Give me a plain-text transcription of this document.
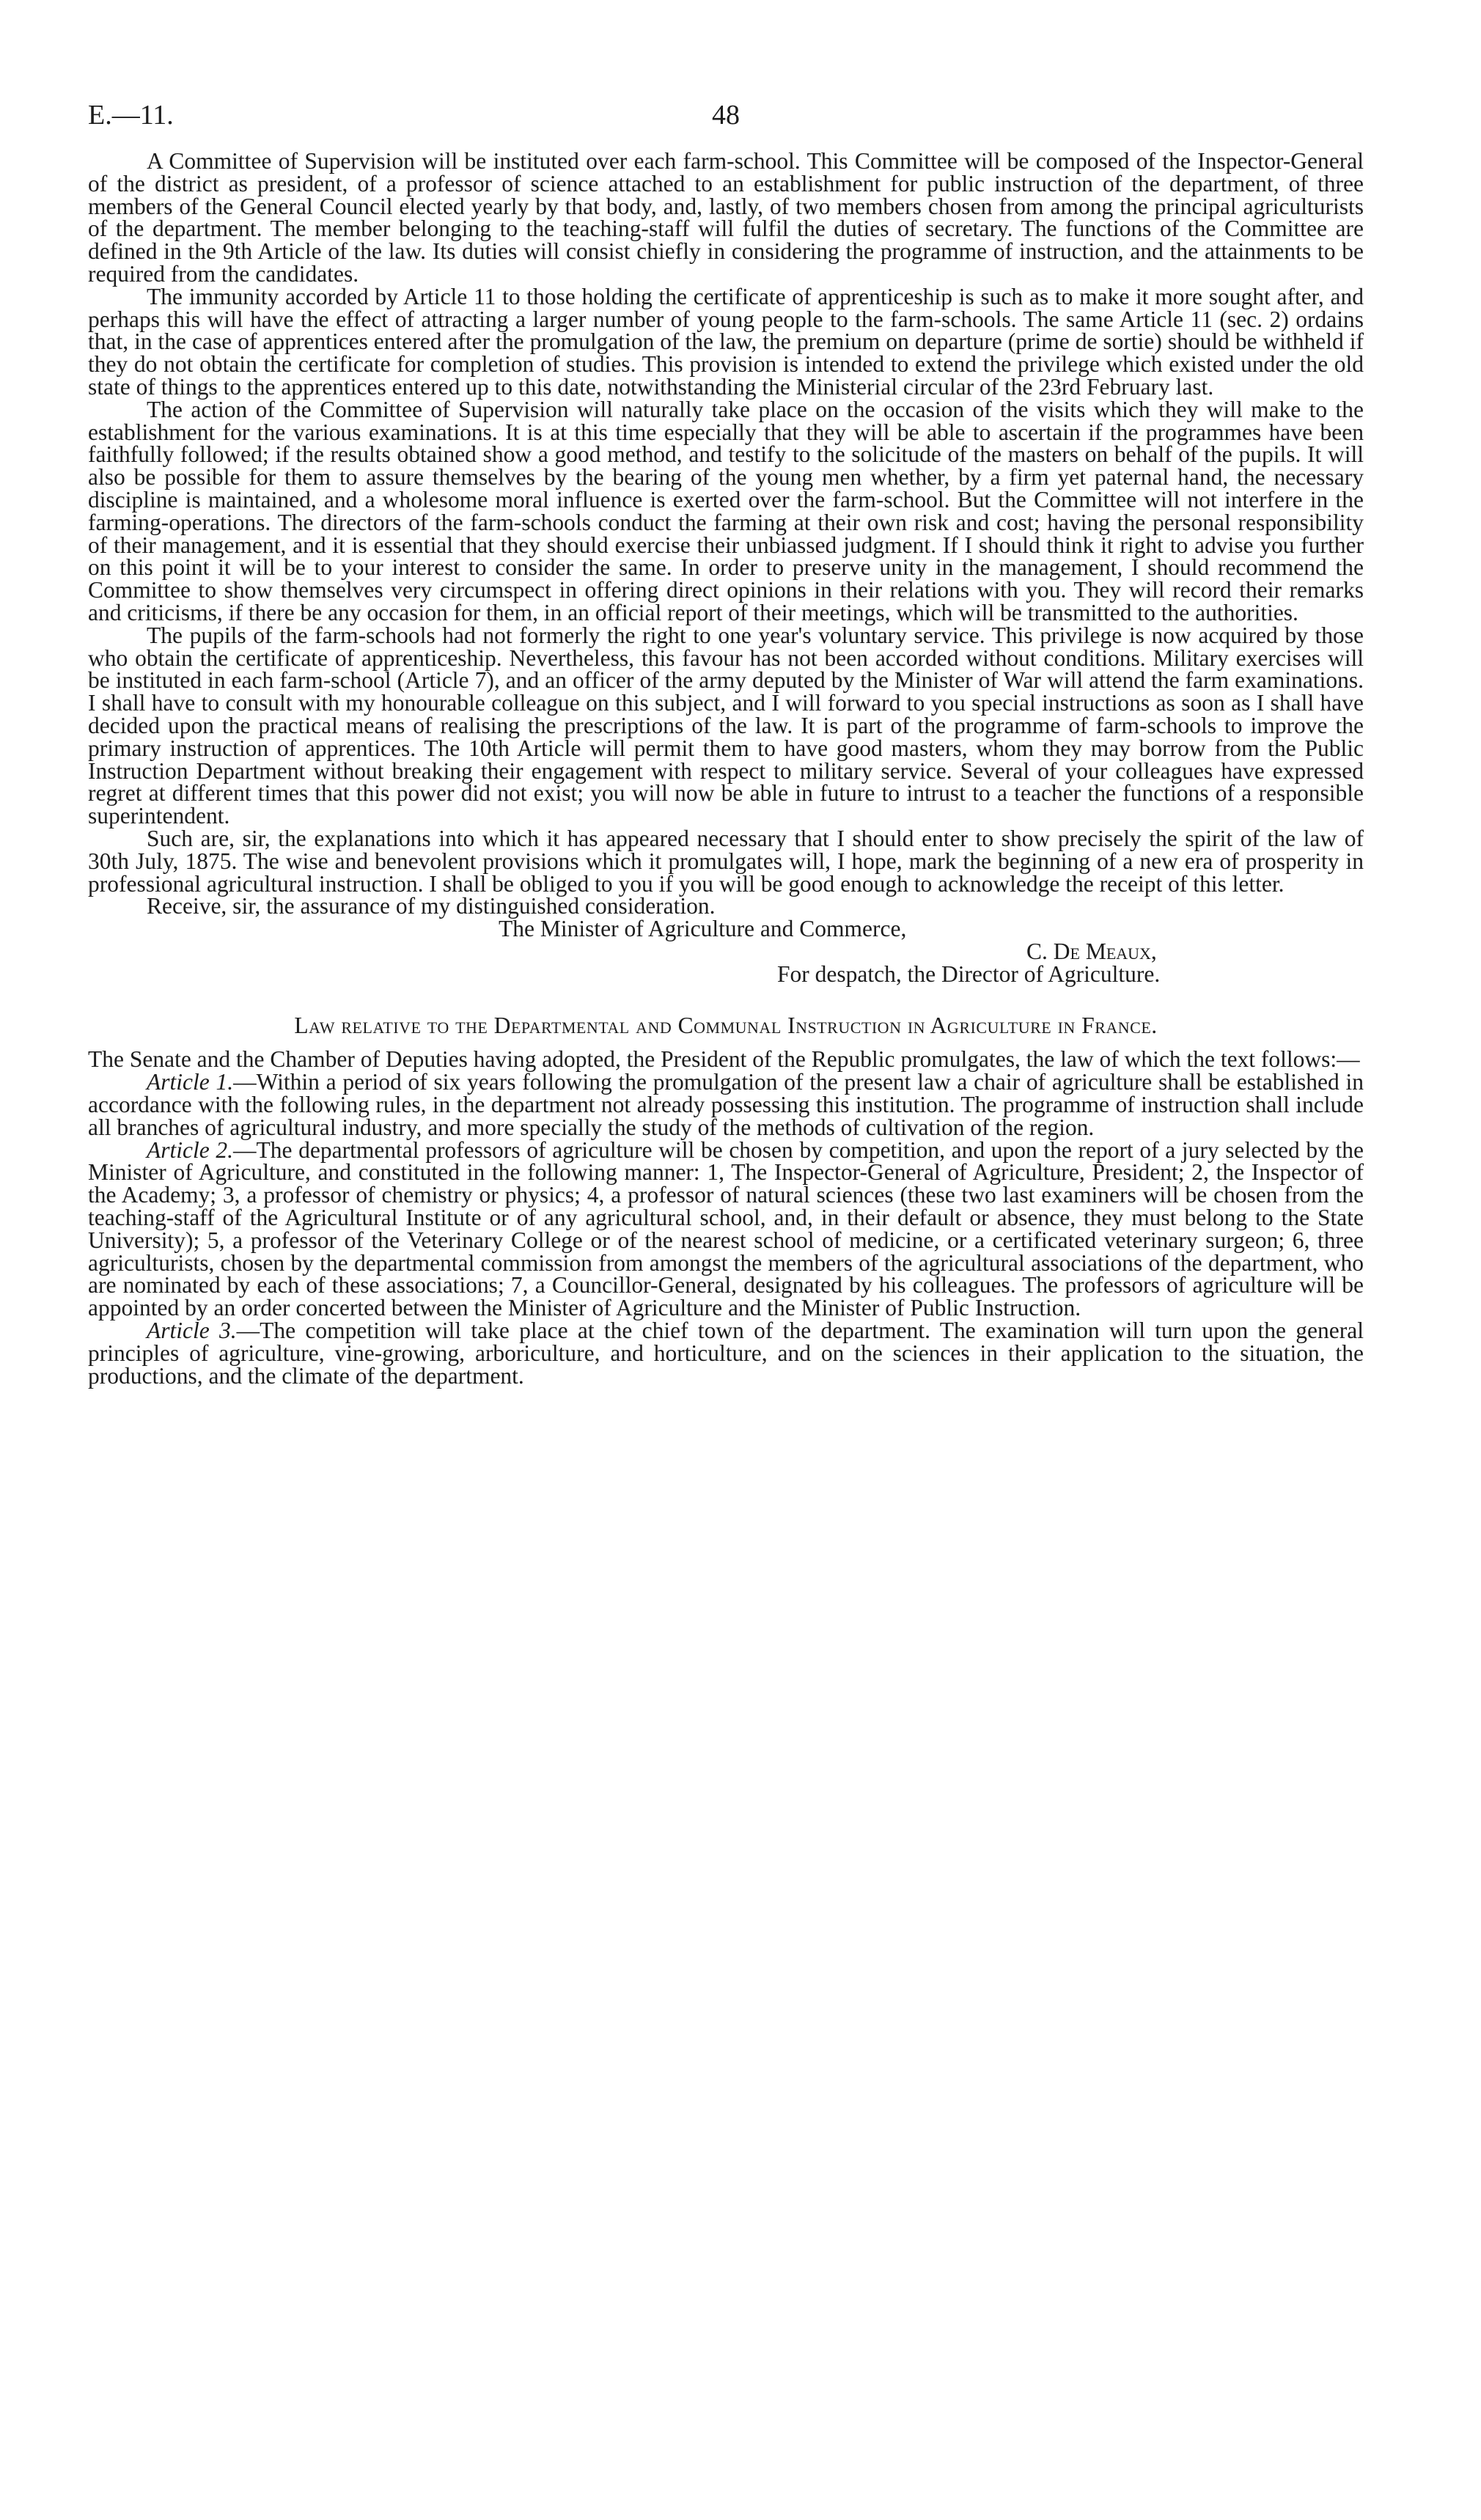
E.—11.	48

A Committee of Supervision will be instituted over each farm-school. This Committee will be composed of the Inspector-General of the district as president, of a professor of science attached to an establishment for public instruction of the department, of three members of the General Council elected yearly by that body, and, lastly, of two members chosen from among the principal agriculturists of the department. The member belonging to the teaching-staff will fulfil the duties of secretary. The functions of the Committee are defined in the 9th Article of the law. Its duties will consist chiefly in considering the programme of instruction, and the attainments to be required from the candidates.

The immunity accorded by Article 11 to those holding the certificate of apprenticeship is such as to make it more sought after, and perhaps this will have the effect of attracting a larger number of young people to the farm-schools. The same Article 11 (sec. 2) ordains that, in the case of apprentices entered after the promulgation of the law, the premium on departure (prime de sortie) should be withheld if they do not obtain the certificate for completion of studies. This provision is intended to extend the privilege which existed under the old state of things to the apprentices entered up to this date, notwithstanding the Ministerial circular of the 23rd February last.

The action of the Committee of Supervision will naturally take place on the occasion of the visits which they will make to the establishment for the various examinations. It is at this time especially that they will be able to ascertain if the programmes have been faithfully followed; if the results obtained show a good method, and testify to the solicitude of the masters on behalf of the pupils. It will also be possible for them to assure themselves by the bearing of the young men whether, by a firm yet paternal hand, the necessary discipline is maintained, and a wholesome moral influence is exerted over the farm-school. But the Committee will not interfere in the farming-operations. The directors of the farm-schools conduct the farming at their own risk and cost; having the personal responsibility of their management, and it is essential that they should exercise their unbiassed judgment. If I should think it right to advise you further on this point it will be to your interest to consider the same. In order to preserve unity in the management, I should recommend the Committee to show themselves very circumspect in offering direct opinions in their relations with you. They will record their remarks and criticisms, if there be any occasion for them, in an official report of their meetings, which will be transmitted to the authorities.

The pupils of the farm-schools had not formerly the right to one year's voluntary service. This privilege is now acquired by those who obtain the certificate of apprenticeship. Nevertheless, this favour has not been accorded without conditions. Military exercises will be instituted in each farm-school (Article 7), and an officer of the army deputed by the Minister of War will attend the farm examinations. I shall have to consult with my honourable colleague on this subject, and I will forward to you special instructions as soon as I shall have decided upon the practical means of realising the prescriptions of the law. It is part of the programme of farm-schools to improve the primary instruction of apprentices. The 10th Article will permit them to have good masters, whom they may borrow from the Public Instruction Department without breaking their engagement with respect to military service. Several of your colleagues have expressed regret at different times that this power did not exist; you will now be able in future to intrust to a teacher the functions of a responsible superintendent.

Such are, sir, the explanations into which it has appeared necessary that I should enter to show precisely the spirit of the law of 30th July, 1875. The wise and benevolent provisions which it promulgates will, I hope, mark the beginning of a new era of prosperity in professional agricultural instruction. I shall be obliged to you if you will be good enough to acknowledge the receipt of this letter.

Receive, sir, the assurance of my distinguished consideration.

The Minister of Agriculture and Commerce,

C. De Meaux,

For despatch, the Director of Agriculture.

Law relative to the Departmental and Communal Instruction in Agriculture in France.

The Senate and the Chamber of Deputies having adopted, the President of the Republic promulgates, the law of which the text follows:—

Article 1.—Within a period of six years following the promulgation of the present law a chair of agriculture shall be established in accordance with the following rules, in the department not already possessing this institution. The programme of instruction shall include all branches of agricultural industry, and more specially the study of the methods of cultivation of the region.

Article 2.—The departmental professors of agriculture will be chosen by competition, and upon the report of a jury selected by the Minister of Agriculture, and constituted in the following manner: 1, The Inspector-General of Agriculture, President; 2, the Inspector of the Academy; 3, a professor of chemistry or physics; 4, a professor of natural sciences (these two last examiners will be chosen from the teaching-staff of the Agricultural Institute or of any agricultural school, and, in their default or absence, they must belong to the State University); 5, a professor of the Veterinary College or of the nearest school of medicine, or a certificated veterinary surgeon; 6, three agriculturists, chosen by the departmental commission from amongst the members of the agricultural associations of the department, who are nominated by each of these associations; 7, a Councillor-General, designated by his colleagues. The professors of agriculture will be appointed by an order concerted between the Minister of Agriculture and the Minister of Public Instruction.

Article 3.—The competition will take place at the chief town of the department. The examination will turn upon the general principles of agriculture, vine-growing, arboriculture, and horticulture, and on the sciences in their application to the situation, the productions, and the climate of the department.
